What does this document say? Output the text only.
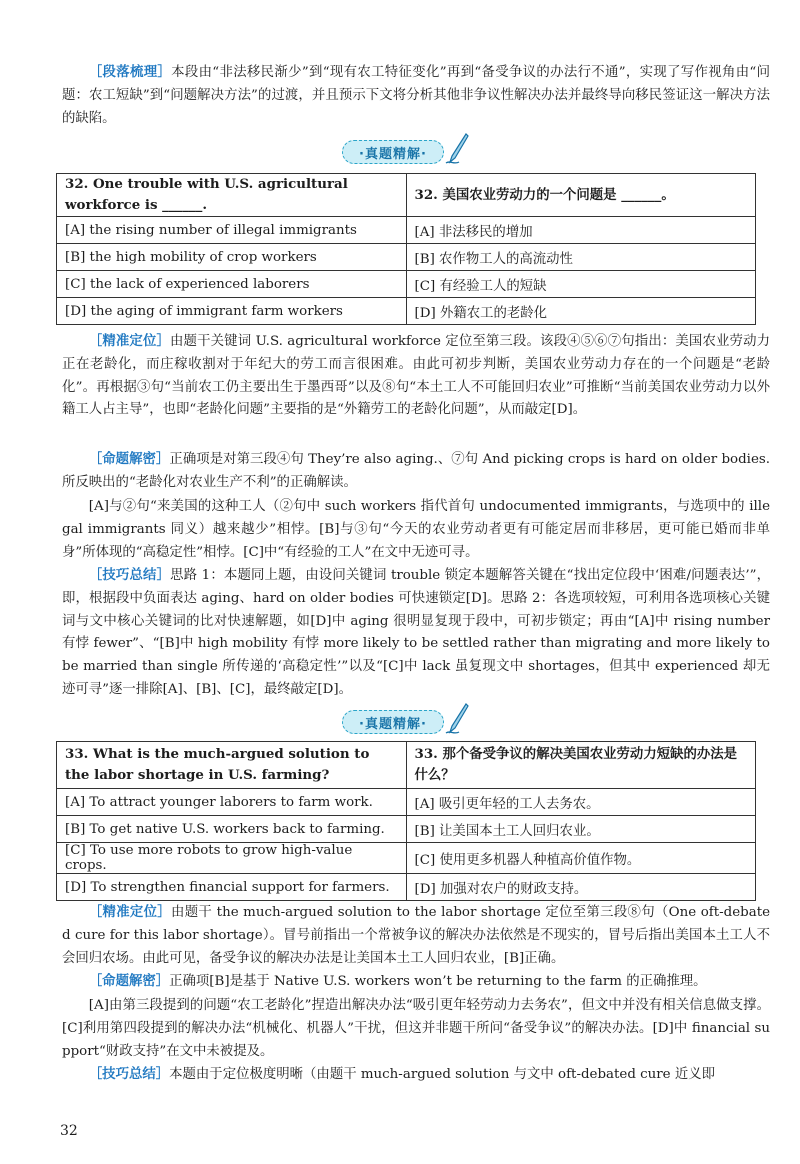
［段落梳理］本段由“非法移民渐少”到“现有农工特征变化”再到“备受争议的办法行不通”，实现了写作视角由“问题：农工短缺”到“问题解决方法”的过渡，并且预示下文将分析其他非争议性解决办法并最终导向移民签证这一解决方法的缺陷。
·真题精解·
32. One trouble with U.S. agricultural workforce is ______.	32. 美国农业劳动力的一个问题是 ______。
[A] the rising number of illegal immigrants	[A] 非法移民的增加
[B] the high mobility of crop workers	[B] 农作物工人的高流动性
[C] the lack of experienced laborers	[C] 有经验工人的短缺
[D] the aging of immigrant farm workers	[D] 外籍农工的老龄化
［精准定位］由题干关键词 U.S. agricultural workforce 定位至第三段。该段④⑤⑥⑦句指出：美国农业劳动力正在老龄化，而庄稼收割对于年纪大的劳工而言很困难。由此可初步判断，美国农业劳动力存在的一个问题是“老龄化”。再根据③句“当前农工仍主要出生于墨西哥”以及⑧句“本土工人不可能回归农业”可推断“当前美国农业劳动力以外籍工人占主导”，也即“老龄化问题”主要指的是“外籍劳工的老龄化问题”，从而敲定[D]。
［命题解密］正确项是对第三段④句 They’re also aging.、⑦句 And picking crops is hard on older bodies.所反映出的“老龄化对农业生产不利”的正确解读。
[A]与②句“来美国的这种工人（②句中 such workers 指代首句 undocumented immigrants，与选项中的 illegal immigrants 同义）越来越少”相悖。[B]与③句“今天的农业劳动者更有可能定居而非移居，更可能已婚而非单身”所体现的“高稳定性”相悖。[C]中“有经验的工人”在文中无迹可寻。
［技巧总结］思路 1：本题同上题，由设问关键词 trouble 锁定本题解答关键在“找出定位段中‘困难/问题表达’”，即，根据段中负面表达 aging、hard on older bodies 可快速锁定[D]。思路 2：各选项较短，可利用各选项核心关键词与文中核心关键词的比对快速解题，如[D]中 aging 很明显复现于段中，可初步锁定；再由“[A]中 rising number 有悖 fewer”、“[B]中 high mobility 有悖 more likely to be settled rather than migrating and more likely to be married than single 所传递的‘高稳定性’”以及“[C]中 lack 虽复现文中 shortages，但其中 experienced 却无迹可寻”逐一排除[A]、[B]、[C]，最终敲定[D]。
·真题精解·
33. What is the much-argued solution to the labor shortage in U.S. farming?	33. 那个备受争议的解决美国农业劳动力短缺的办法是什么？
[A] To attract younger laborers to farm work.	[A] 吸引更年轻的工人去务农。
[B] To get native U.S. workers back to farming.	[B] 让美国本土工人回归农业。
[C] To use more robots to grow high-value crops.	[C] 使用更多机器人种植高价值作物。
[D] To strengthen financial support for farmers.	[D] 加强对农户的财政支持。
［精准定位］由题干 the much-argued solution to the labor shortage 定位至第三段⑧句（One oft-debated cure for this labor shortage）。冒号前指出一个常被争议的解决办法依然是不现实的，冒号后指出美国本土工人不会回归农场。由此可见，备受争议的解决办法是让美国本土工人回归农业，[B]正确。
［命题解密］正确项[B]是基于 Native U.S. workers won’t be returning to the farm 的正确推理。
[A]由第三段提到的问题“农工老龄化”捏造出解决办法“吸引更年轻劳动力去务农”，但文中并没有相关信息做支撑。[C]利用第四段提到的解决办法“机械化、机器人”干扰，但这并非题干所问“备受争议”的解决办法。[D]中 financial support“财政支持”在文中未被提及。
［技巧总结］本题由于定位极度明晰（由题干 much-argued solution 与文中 oft-debated cure 近义即
32
